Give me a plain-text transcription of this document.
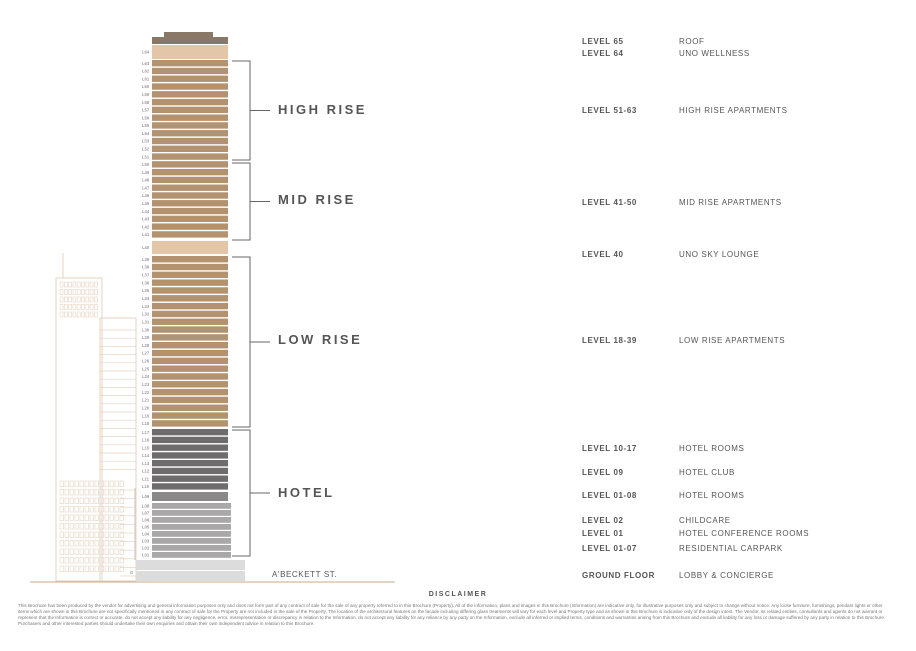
L64
L63
L62
L61
L60
L59
L58
L57
L56
L55
L54
L53
L52
L51
L50
L49
L48
L47
L46
L45
L44
L43
L42
L41
L40
L39
L38
L37
L36
L35
L34
L33
L32
L31
L30
L29
L28
L27
L26
L25
L24
L23
L22
L21
L20
L19
L18
L17
L16
L15
L14
L13
L12
L11
L10
L09
L08
L07
L06
L05
L04
L03
L02
L01
G
HIGH RISE
MID RISE
LOW RISE
HOTEL
A'BECKETT ST.
LEVEL 65	ROOF
LEVEL 64	UNO WELLNESS
LEVEL 51-63	HIGH RISE APARTMENTS
LEVEL 41-50	MID RISE APARTMENTS
LEVEL 40	UNO SKY LOUNGE
LEVEL 18-39	LOW RISE APARTMENTS
LEVEL 10-17	HOTEL ROOMS
LEVEL 09	HOTEL CLUB
LEVEL 01-08	HOTEL ROOMS
LEVEL 02	CHILDCARE
LEVEL 01	HOTEL CONFERENCE ROOMS
LEVEL 01-07	RESIDENTIAL CARPARK
GROUND FLOOR	LOBBY & CONCIERGE
DISCLAIMER
This Brochure has been produced by the vendor for advertising and general information purposes only and does not form part of any contract of sale for the sale of any property referred to in this Brochure (Property). All of the information, plans and images in this Brochure (Information) are indicative only, for illustrative purposes only and subject to change without notice. Any loose furniture, furnishings, pendant lights or other items which are shown in this Brochure are not specifically mentioned in any contract of sale for the Property are not included in the sale of the Property. The location of the architectural features on the facade including differing glass treatments will vary for each level and Property type and as shown in this Brochure is indicative only of the design intent. The Vendor, its related entities, consultants and agents do not warrant or represent that the Information is correct or accurate, do not accept any liability for any negligence, error, misrepresentation or discrepancy in relation to the Information, do not accept any liability for any reliance by any party on the Information, exclude all inferred or implied terms, conditions and warranties arising from this Brochure and exclude all liability for any loss or damage suffered by any party in relation to this Brochure. Purchasers and other interested parties should undertake their own enquiries and obtain their own independent advice in relation to this Brochure.
